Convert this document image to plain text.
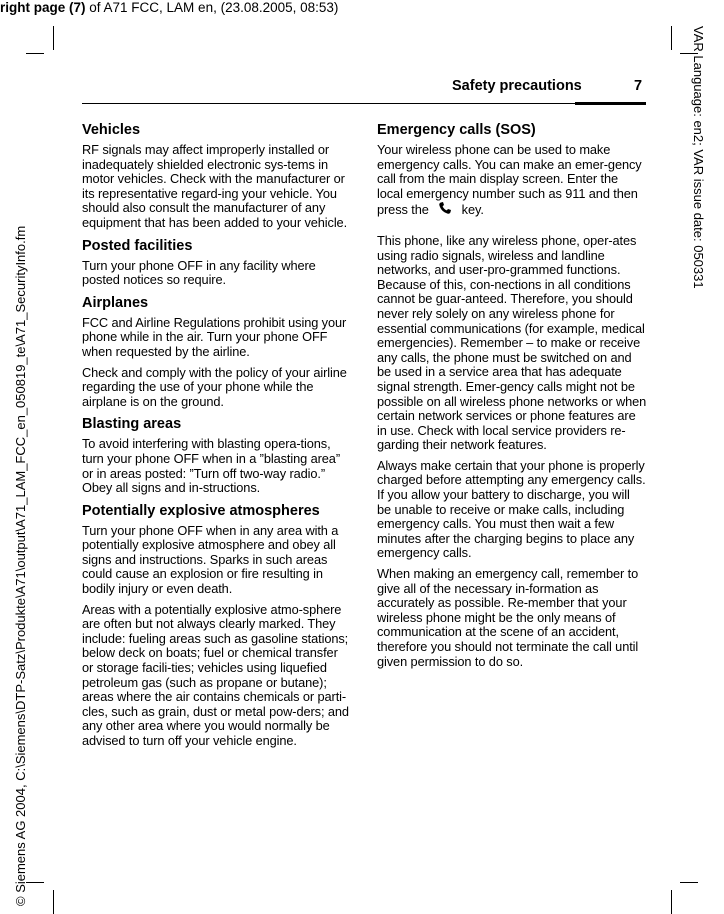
right page (7) of A71 FCC, LAM en, (23.08.2005, 08:53)
VAR Language: en2; VAR issue date: 050331
© Siemens AG 2004, C:\Siemens\DTP-Satz\Produkte\A71\output\A71_LAM_FCC_en_050819_te\A71_SecurityInfo.fm
Safety precautions	7
Vehicles

RF signals may affect improperly installed or inadequately shielded electronic sys-tems in motor vehicles. Check with the manufacturer or its representative regard-ing your vehicle. You should also consult the manufacturer of any equipment that has been added to your vehicle.

Posted facilities

Turn your phone OFF in any facility where posted notices so require.

Airplanes

FCC and Airline Regulations prohibit using your phone while in the air. Turn your phone OFF when requested by the airline.

Check and comply with the policy of your airline regarding the use of your phone while the airplane is on the ground.

Blasting areas

To avoid interfering with blasting opera-tions, turn your phone OFF when in a ”blasting area” or in areas posted: ”Turn off two-way radio.” Obey all signs and in-structions.

Potentially explosive atmospheres

Turn your phone OFF when in any area with a potentially explosive atmosphere and obey all signs and instructions. Sparks in such areas could cause an explosion or fire resulting in bodily injury or even death.

Areas with a potentially explosive atmo-sphere are often but not always clearly marked. They include: fueling areas such as gasoline stations; below deck on boats; fuel or chemical transfer or storage facili-ties; vehicles using liquefied petroleum gas (such as propane or butane); areas where the air contains chemicals or parti-cles, such as grain, dust or metal pow-ders; and any other area where you would normally be advised to turn off your vehicle engine.

Emergency calls (SOS)

Your wireless phone can be used to make emergency calls. You can make an emer-gency call from the main display screen. Enter the local emergency number such as 911 and then press the  key.

This phone, like any wireless phone, oper-ates using radio signals, wireless and landline networks, and user-pro-grammed functions. Because of this, con-nections in all conditions cannot be guar-anteed. Therefore, you should never rely solely on any wireless phone for essential communications (for example, medical emergencies). Remember – to make or receive any calls, the phone must be switched on and be used in a service area that has adequate signal strength. Emer-gency calls might not be possible on all wireless phone networks or when certain network services or phone features are in use. Check with local service providers re-garding their network features.

Always make certain that your phone is properly charged before attempting any emergency calls. If you allow your battery to discharge, you will be unable to receive or make calls, including emergency calls. You must then wait a few minutes after the charging begins to place any emergency calls.

When making an emergency call, remember to give all of the necessary in-formation as accurately as possible. Re-member that your wireless phone might be the only means of communication at the scene of an accident, therefore you should not terminate the call until given permission to do so.
